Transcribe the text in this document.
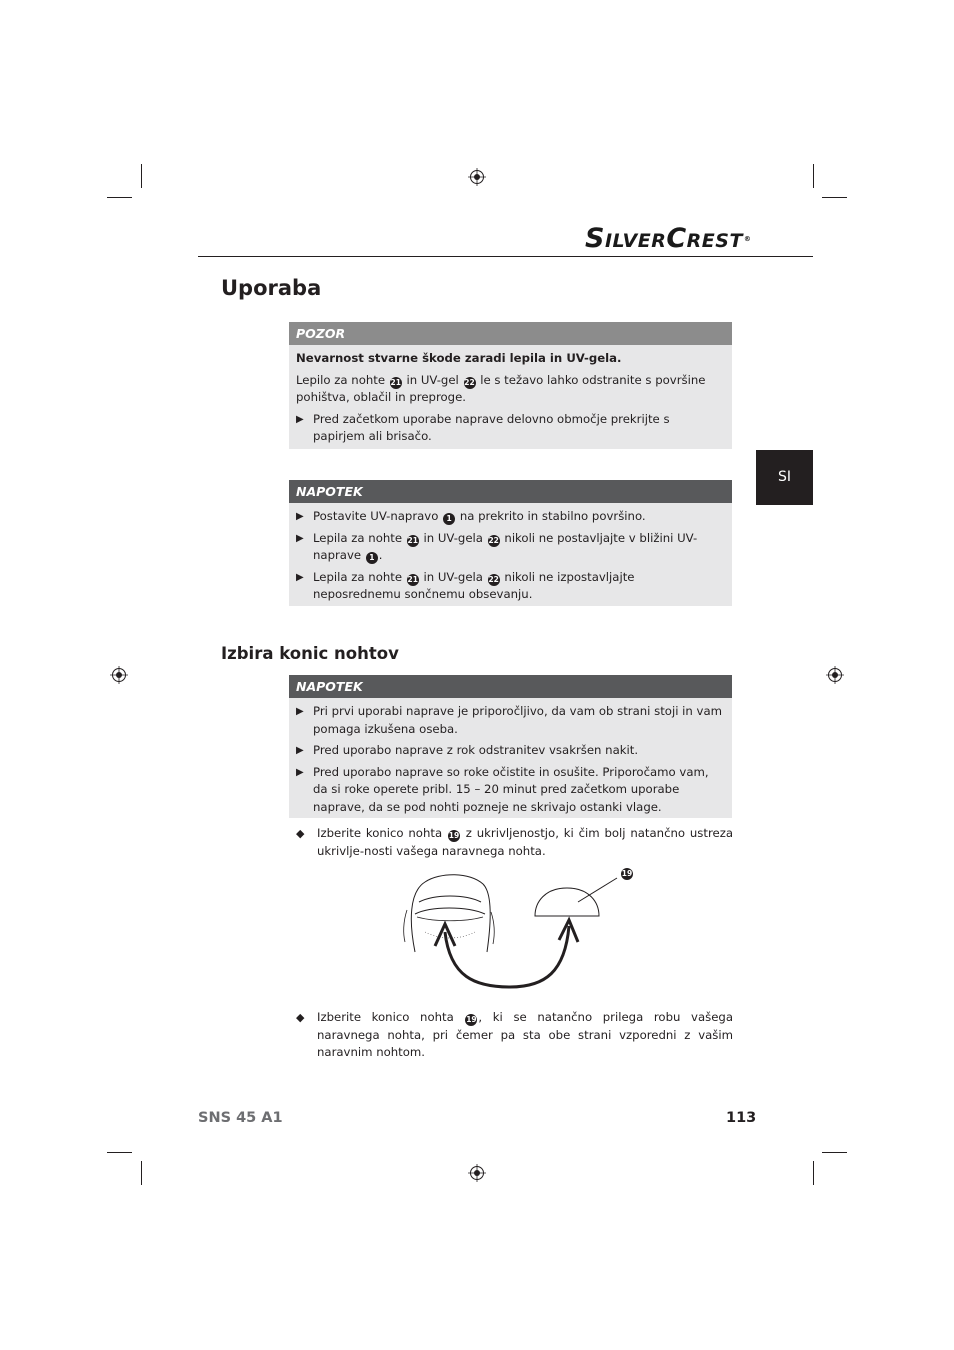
SILVERCREST®
Uporaba
SI
POZOR

Nevarnost stvarne škode zaradi lepila in UV-gela.

Lepilo za nohte 21 in UV-gel 22 le s težavo lahko odstranite s površine pohištva, oblačil in preproge.

▶ Pred začetkom uporabe naprave delovno območje prekrijte s papirjem ali brisačo.
NAPOTEK
▶ Postavite UV-napravo 1 na prekrito in stabilno površino.
▶ Lepila za nohte 21 in UV-gela 22 nikoli ne postavljajte v bližini UV-naprave 1 .
▶ Lepila za nohte 21 in UV-gela 22 nikoli ne izpostavljajte neposrednemu sončnemu obsevanju.
Izbira konic nohtov
NAPOTEK
▶ Pri prvi uporabi naprave je priporočljivo, da vam ob strani stoji in vam pomaga izkušena oseba.
▶ Pred uporabo naprave z rok odstranitev vsakršen nakit.
▶ Pred uporabo naprave so roke očistite in osušite. Priporočamo vam, da si roke operete pribl. 15 – 20 minut pred začetkom uporabe naprave, da se pod nohti pozneje ne skrivajo ostanki vlage.
◆	Izberite konico nohta 19 z ukrivljenostjo, ki čim bolj natančno ustreza ukrivlje-nosti vašega naravnega nohta.
19
◆	Izberite konico nohta 19 , ki se natančno prilega robu vašega naravnega nohta, pri čemer pa sta obe strani vzporedni z vašim naravnim nohtom.
SNS 45 A1	113
